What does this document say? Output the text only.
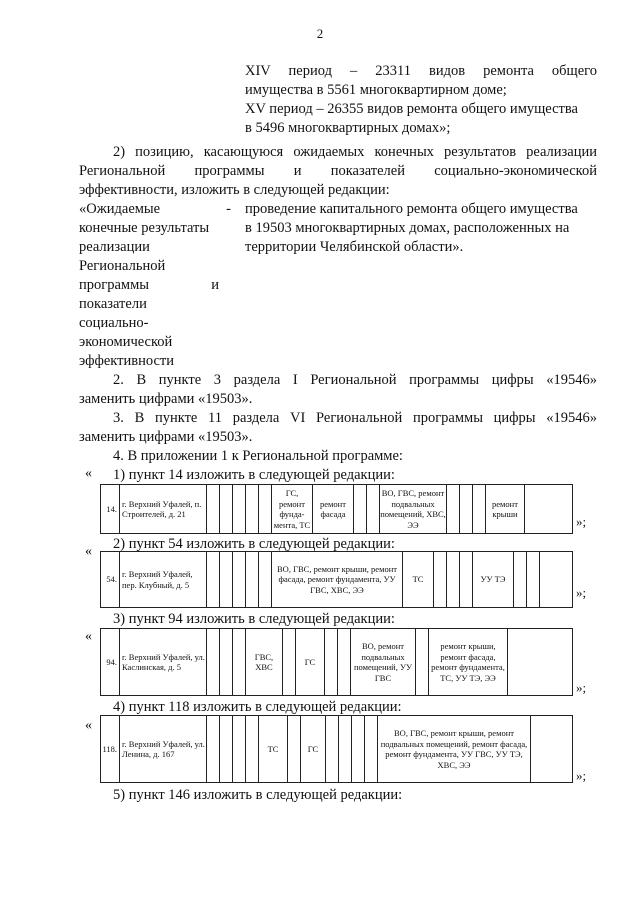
2
XIV период – 23311 видов ремонта общего
имущества в 5561 многоквартирном доме;
XV период – 26355 видов ремонта общего имущества
в 5496 многоквартирных домах»;
2) позицию, касающуюся ожидаемых конечных результатов реализации
Региональной программы и показателей социально-экономической
эффективности, изложить в следующей редакции:
«Ожидаемые -
конечные результаты
реализации
Региональной
программы и
показатели
социально-
экономической
эффективности
проведение капитального ремонта общего имущества
в 19503 многоквартирных домах, расположенных на
территории Челябинской области».
2. В пункте 3 раздела I Региональной программы цифры «19546»
заменить цифрами «19503».
3. В пункте 11 раздела VI Региональной программы цифры «19546»
заменить цифрами «19503».
4. В приложении 1 к Региональной программе:
1) пункт 14 изложить в следующей редакции:
«
14.	г. Верхний Уфалей, п. Строителей, д. 21						ГС, ремонт фунда-мента, ТС	ремонт фасада			ВО, ГВС, ремонт подвальных помещений, ХВС, ЭЭ				ремонт крыши		»;
2) пункт 54 изложить в следующей редакции:
«
54.	г. Верхний Уфалей, пер. Клубный, д. 5						ВО, ГВС, ремонт крыши, ремонт фасада, ремонт фундамента, УУ ГВС, ХВС, ЭЭ	ТС				УУ ТЭ			
»;
3) пункт 94 изложить в следующей редакции:
«
94.	г. Верхний Уфалей, ул. Каслинская, д. 5				ГВС, ХВС		ГС			ВО, ремонт подвальных помещений, УУ ГВС		ремонт крыши, ремонт фасада, ремонт фундамента, ТС, УУ ТЭ, ЭЭ	
»;
4) пункт 118 изложить в следующей редакции:
«
118.	г. Верхний Уфалей, ул. Ленина, д. 167					ТС		ГС					ВО, ГВС, ремонт крыши, ремонт подвальных помещений, ремонт фасада, ремонт фундамента, УУ ГВС, УУ ТЭ, ХВС, ЭЭ	
»;
5) пункт 146 изложить в следующей редакции:
